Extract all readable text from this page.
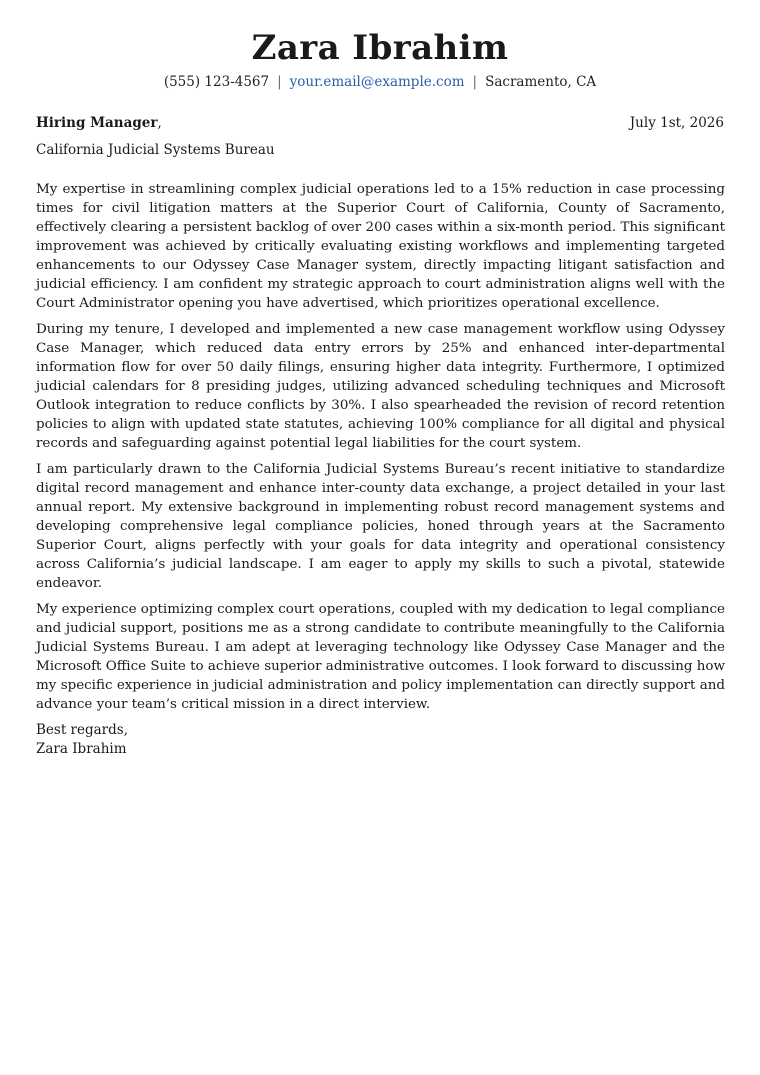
Zara Ibrahim
(555) 123-4567 | your.email@example.com | Sacramento, CA
Hiring Manager,	July 1st, 2026
California Judicial Systems Bureau

My expertise in streamlining complex judicial operations led to a 15% reduction in case processing times for civil litigation matters at the Superior Court of California, County of Sacramento, effectively clearing a persistent backlog of over 200 cases within a six-month period. This significant improvement was achieved by critically evaluating existing workflows and implementing targeted enhancements to our Odyssey Case Manager system, directly impacting litigant satisfaction and judicial efficiency. I am confident my strategic approach to court administration aligns well with the Court Administrator opening you have advertised, which prioritizes operational excellence.

During my tenure, I developed and implemented a new case management workflow using Odyssey Case Manager, which reduced data entry errors by 25% and enhanced inter-departmental information flow for over 50 daily filings, ensuring higher data integrity. Furthermore, I optimized judicial calendars for 8 presiding judges, utilizing advanced scheduling techniques and Microsoft Outlook integration to reduce conflicts by 30%. I also spearheaded the revision of record retention policies to align with updated state statutes, achieving 100% compliance for all digital and physical records and safeguarding against potential legal liabilities for the court system.

I am particularly drawn to the California Judicial Systems Bureau’s recent initiative to standardize digital record management and enhance inter-county data exchange, a project detailed in your last annual report. My extensive background in implementing robust record management systems and developing comprehensive legal compliance policies, honed through years at the Sacramento Superior Court, aligns perfectly with your goals for data integrity and operational consistency across California’s judicial landscape. I am eager to apply my skills to such a pivotal, statewide endeavor.

My experience optimizing complex court operations, coupled with my dedication to legal compliance and judicial support, positions me as a strong candidate to contribute meaningfully to the California Judicial Systems Bureau. I am adept at leveraging technology like Odyssey Case Manager and the Microsoft Office Suite to achieve superior administrative outcomes. I look forward to discussing how my specific experience in judicial administration and policy implementation can directly support and advance your team’s critical mission in a direct interview.

Best regards,
Zara Ibrahim
